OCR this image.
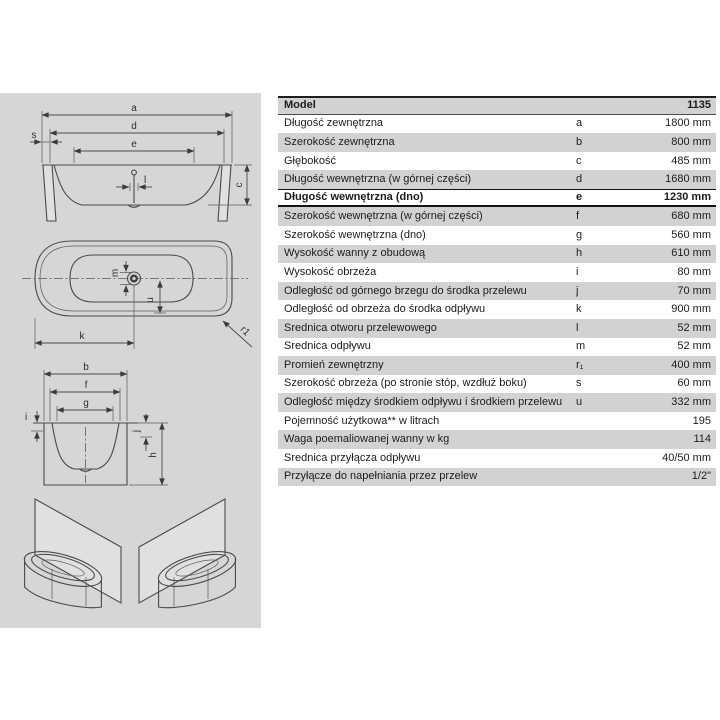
a
d
e
s
l	c
m
u
k	r1
b
f
g
i
j
h
Model	1135
Długość zewnętrzna	a	1800 mm
Szerokość zewnętrzna	b	800 mm
Głębokość	c	485 mm
Długość wewnętrzna (w górnej części)	d	1680 mm
Długość wewnętrzna (dno)	e	1230 mm
Szerokość wewnętrzna (w górnej części)	f	680 mm
Szerokość wewnętrzna (dno)	g	560 mm
Wysokość wanny z obudową	h	610 mm
Wysokość obrzeża	i	80 mm
Odległość od górnego brzegu do środka przelewu	j	70 mm
Odległość od obrzeża do środka odpływu	k	900 mm
Średnica otworu przelewowego	l	52 mm
Średnica odpływu	m	52 mm
Promień zewnętrzny	r₁	400 mm
Szerokość obrzeża (po stronie stóp, wzdłuż boku)	s	60 mm
Odległość między środkiem odpływu i środkiem przelewu	u	332 mm
Pojemność użytkowa** w litrach	195
Waga poemaliowanej wanny w kg	114
Średnica przyłącza odpływu	40/50 mm
Przyłącze do napełniania przez przelew	1/2"
